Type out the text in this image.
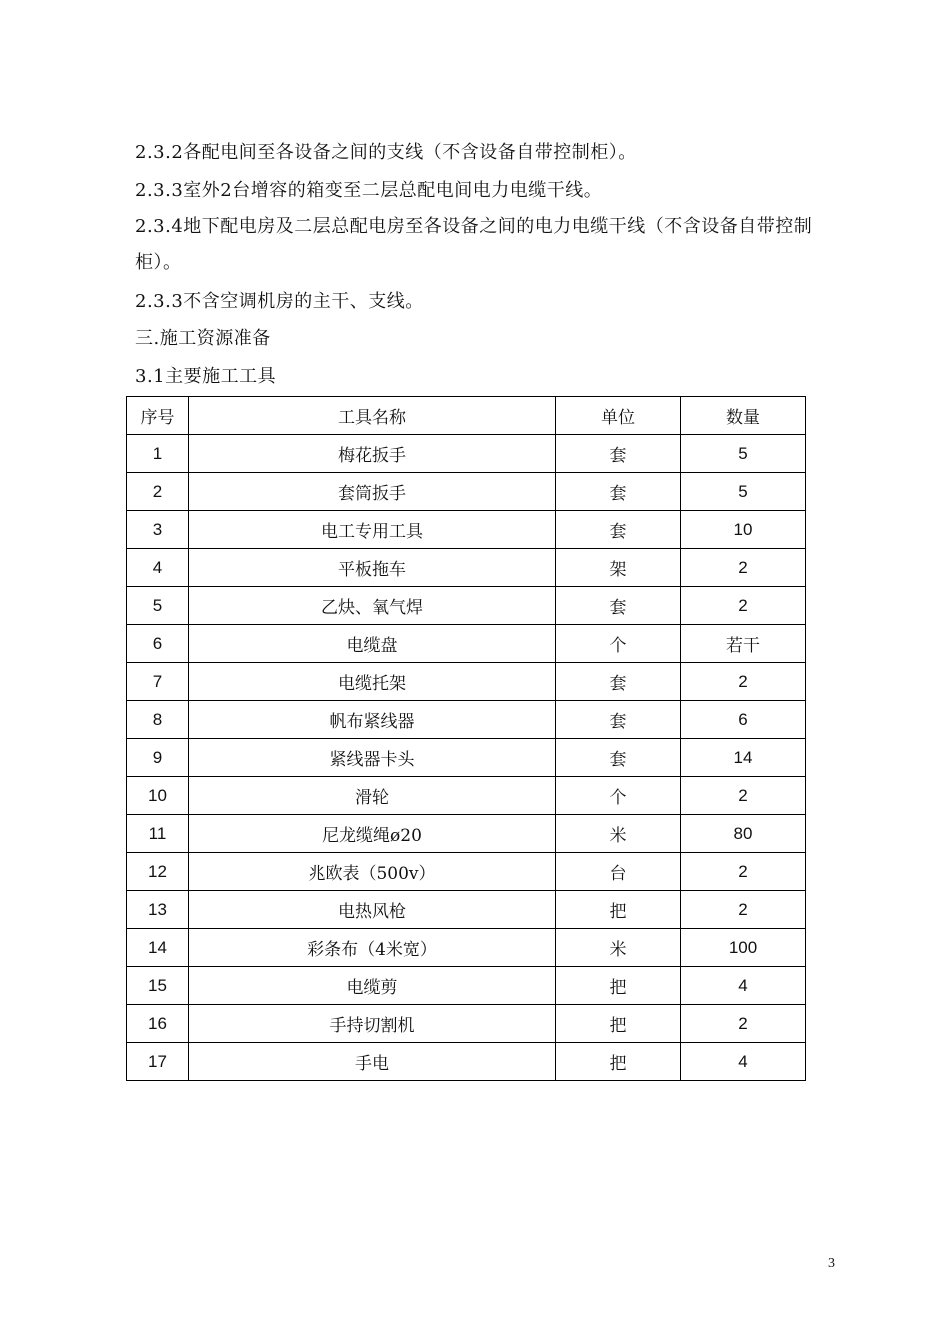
2.3.2各配电间至各设备之间的支线（不含设备自带控制柜）。
2.3.3室外2台增容的箱变至二层总配电间电力电缆干线。
2.3.4地下配电房及二层总配电房至各设备之间的电力电缆干线（不含设备自带控制柜）。
2.3.3不含空调机房的主干、支线。
三.施工资源准备
3.1主要施工工具
序号	工具名称	单位	数量
1	梅花扳手	套	5
2	套筒扳手	套	5
3	电工专用工具	套	10
4	平板拖车	架	2
5	乙炔、氧气焊	套	2
6	电缆盘	个	若干
7	电缆托架	套	2
8	帆布紧线器	套	6
9	紧线器卡头	套	14
10	滑轮	个	2
11	尼龙缆绳ø20	米	80
12	兆欧表（500v）	台	2
13	电热风枪	把	2
14	彩条布（4米宽）	米	100
15	电缆剪	把	4
16	手持切割机	把	2
17	手电	把	4
3
